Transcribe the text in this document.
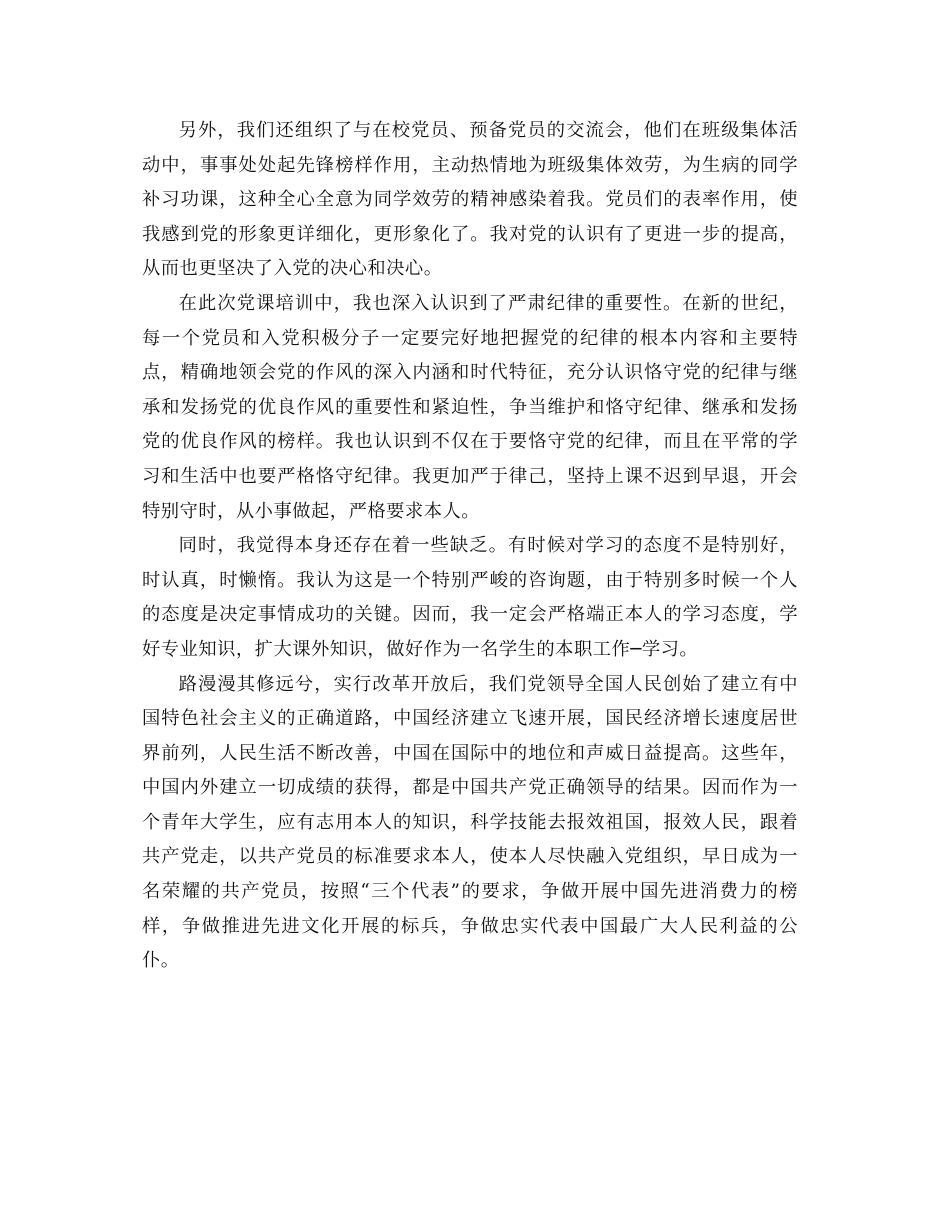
另外，我们还组织了与在校党员、预备党员的交流会，他们在班级集体活动中，事事处处起先锋榜样作用，主动热情地为班级集体效劳，为生病的同学补习功课，这种全心全意为同学效劳的精神感染着我。党员们的表率作用，使我感到党的形象更详细化，更形象化了。我对党的认识有了更进一步的提高，从而也更坚决了入党的决心和决心。

在此次党课培训中，我也深入认识到了严肃纪律的重要性。在新的世纪，每一个党员和入党积极分子一定要完好地把握党的纪律的根本内容和主要特点，精确地领会党的作风的深入内涵和时代特征，充分认识恪守党的纪律与继承和发扬党的优良作风的重要性和紧迫性，争当维护和恪守纪律、继承和发扬党的优良作风的榜样。我也认识到不仅在于要恪守党的纪律，而且在平常的学习和生活中也要严格恪守纪律。我更加严于律己，坚持上课不迟到早退，开会特别守时，从小事做起，严格要求本人。

同时，我觉得本身还存在着一些缺乏。有时候对学习的态度不是特别好，时认真，时懒惰。我认为这是一个特别严峻的咨询题，由于特别多时候一个人的态度是决定事情成功的关键。因而，我一定会严格端正本人的学习态度，学好专业知识，扩大课外知识，做好作为一名学生的本职工作─学习。

路漫漫其修远兮，实行改革开放后，我们党领导全国人民创始了建立有中国特色社会主义的正确道路，中国经济建立飞速开展，国民经济增长速度居世界前列，人民生活不断改善，中国在国际中的地位和声威日益提高。这些年，中国内外建立一切成绩的获得，都是中国共产党正确领导的结果。因而作为一个青年大学生，应有志用本人的知识，科学技能去报效祖国，报效人民，跟着共产党走，以共产党员的标准要求本人，使本人尽快融入党组织，早日成为一名荣耀的共产党员，按照“三个代表”的要求，争做开展中国先进消费力的榜样，争做推进先进文化开展的标兵，争做忠实代表中国最广大人民利益的公仆。
